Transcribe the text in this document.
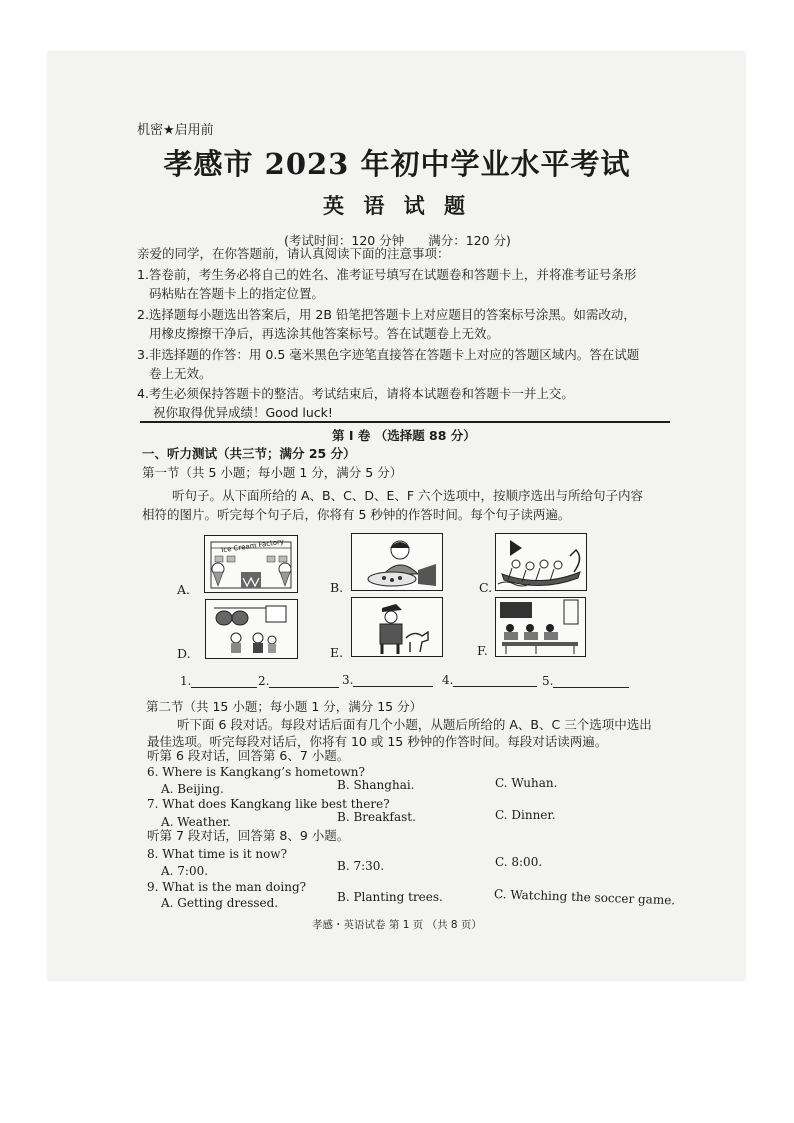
机密★启用前
孝感市 2023 年初中学业水平考试
英 语 试 题
(考试时间：120 分钟 满分：120 分)
亲爱的同学，在你答题前，请认真阅读下面的注意事项：
1.答卷前，考生务必将自己的姓名、准考证号填写在试题卷和答题卡上，并将准考证号条形
码粘贴在答题卡上的指定位置。
2.选择题每小题选出答案后，用 2B 铅笔把答题卡上对应题目的答案标号涂黑。如需改动，
用橡皮擦擦干净后，再选涂其他答案标号。答在试题卷上无效。
3.非选择题的作答：用 0.5 毫米黑色字迹笔直接答在答题卡上对应的答题区域内。答在试题
卷上无效。
4.考生必须保持答题卡的整洁。考试结束后，请将本试题卷和答题卡一并上交。
祝你取得优异成绩！Good luck!
第 I 卷 （选择题 88 分）
一、听力测试（共三节；满分 25 分）
第一节（共 5 小题；每小题 1 分，满分 5 分）
听句子。从下面所给的 A、B、C、D、E、F 六个选项中，按顺序选出与所给句子内容
相符的图片。听完每个句子后，你将有 5 秒钟的作答时间。每个句子读两遍。
Ice Cream Factory
A.	B.	C.
D.	E.	F.
1.	2.	3.	4.	5.
第二节（共 15 小题；每小题 1 分，满分 15 分）
听下面 6 段对话。每段对话后面有几个小题，从题后所给的 A、B、C 三个选项中选出
最佳选项。听完每段对话后，你将有 10 或 15 秒钟的作答时间。每段对话读两遍。
听第 6 段对话，回答第 6、7 小题。
6. Where is Kangkang’s hometown?
A. Beijing.	B. Shanghai.	C. Wuhan.
7. What does Kangkang like best there?
A. Weather.	B. Breakfast.	C. Dinner.
听第 7 段对话，回答第 8、9 小题。
8. What time is it now?
A. 7:00.	B. 7:30.	C. 8:00.
9. What is the man doing?
A. Getting dressed.	B. Planting trees.	C. Watching the soccer game.
孝感・英语试卷 第 1 页 （共 8 页）
